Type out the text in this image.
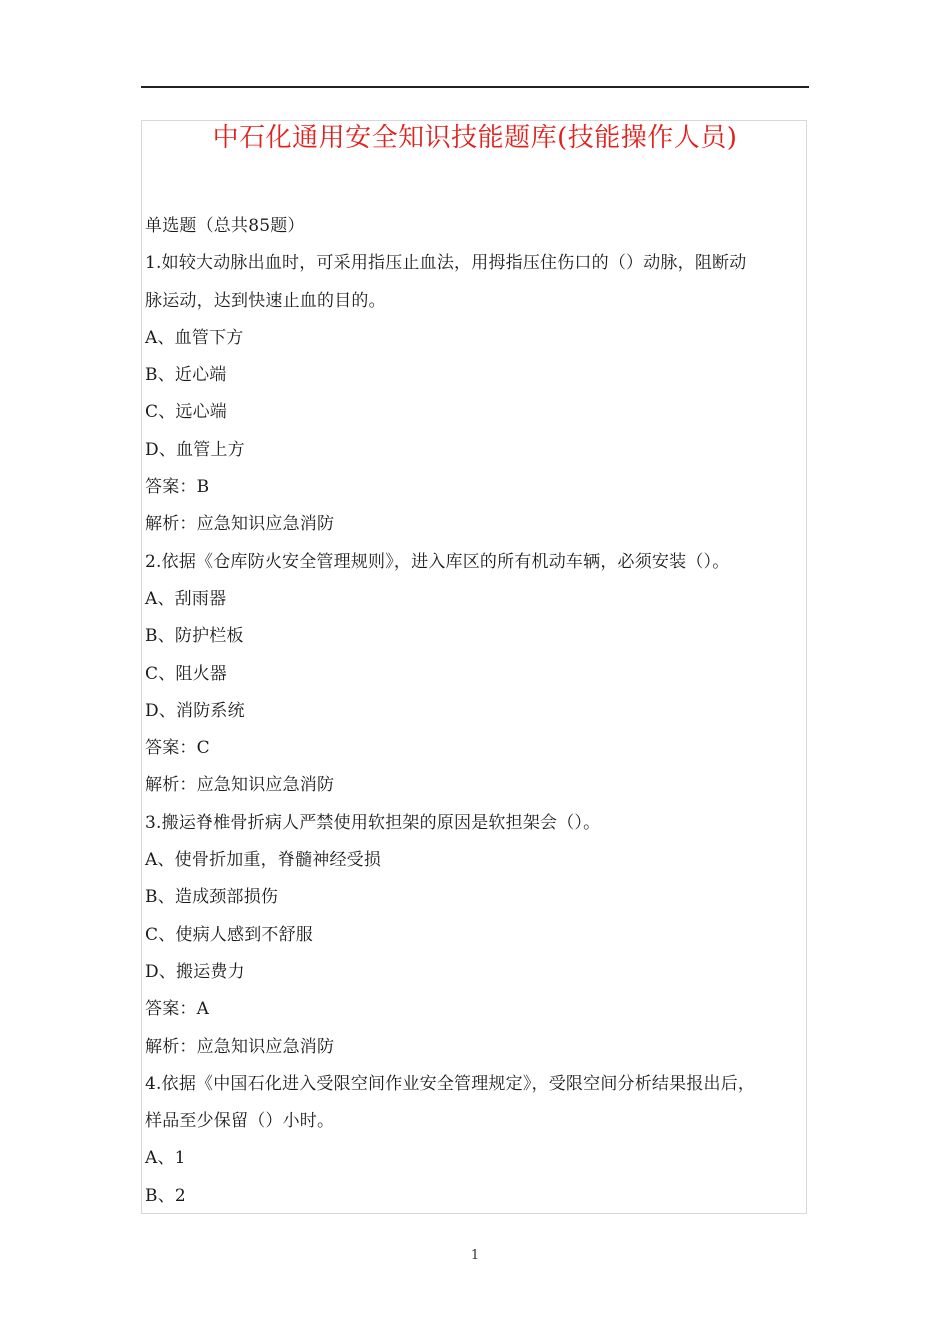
中石化通用安全知识技能题库(技能操作人员)
单选题（总共85题）
1.如较大动脉出血时，可采用指压止血法，用拇指压住伤口的（）动脉，阻断动
脉运动，达到快速止血的目的。
A、血管下方
B、近心端
C、远心端
D、血管上方
答案：B
解析：应急知识应急消防
2.依据《仓库防火安全管理规则》，进入库区的所有机动车辆，必须安装（）。
A、刮雨器
B、防护栏板
C、阻火器
D、消防系统
答案：C
解析：应急知识应急消防
3.搬运脊椎骨折病人严禁使用软担架的原因是软担架会（）。
A、使骨折加重，脊髓神经受损
B、造成颈部损伤
C、使病人感到不舒服
D、搬运费力
答案：A
解析：应急知识应急消防
4.依据《中国石化进入受限空间作业安全管理规定》，受限空间分析结果报出后，
样品至少保留（）小时。
A、1
B、2
1
